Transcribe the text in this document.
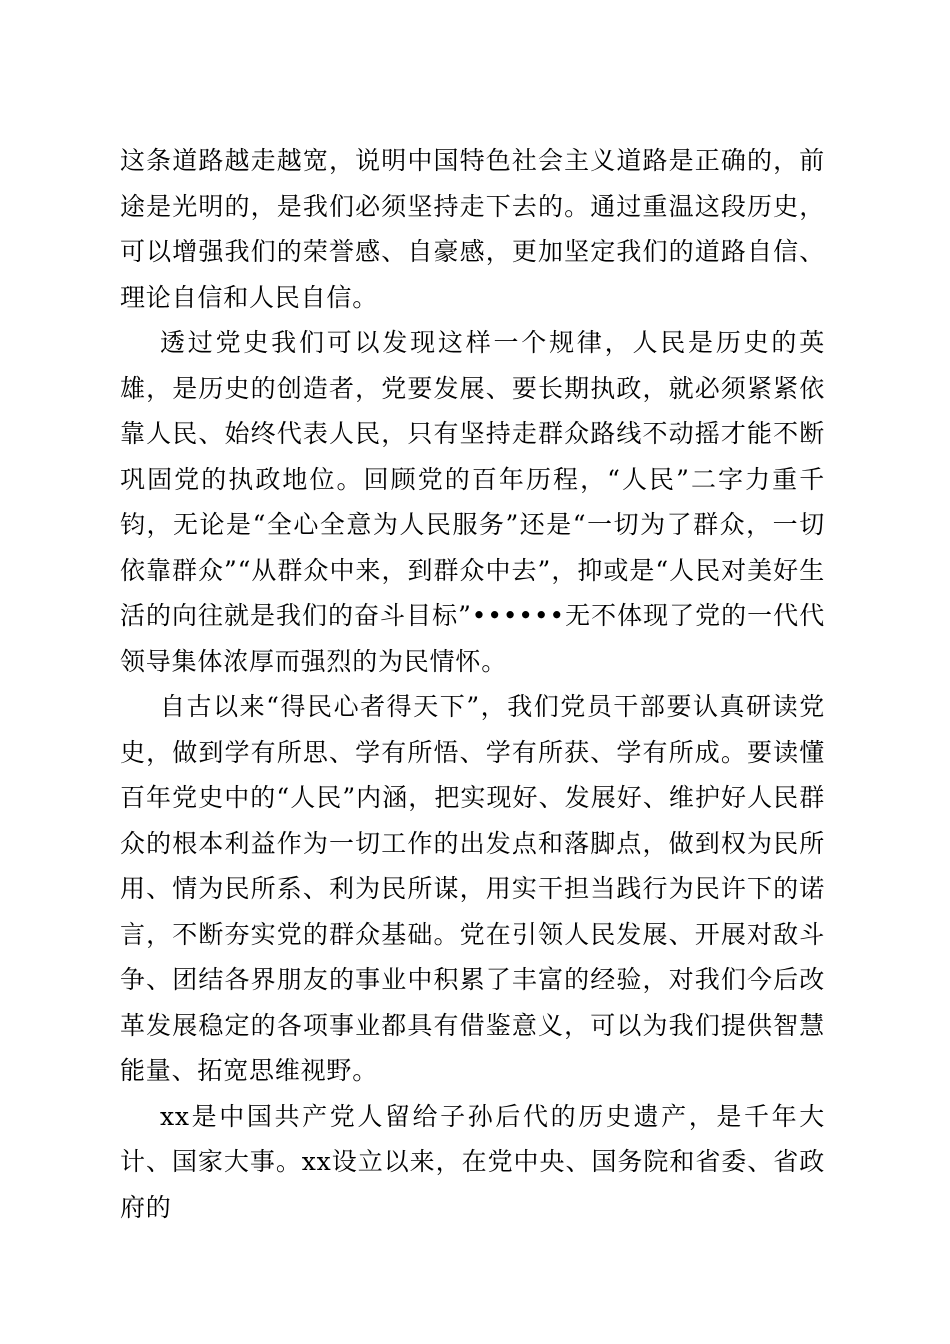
这条道路越走越宽，说明中国特色社会主义道路是正确的，前途是光明的，是我们必须坚持走下去的。通过重温这段历史，可以增强我们的荣誉感、自豪感，更加坚定我们的道路自信、理论自信和人民自信。

透过党史我们可以发现这样一个规律，人民是历史的英雄，是历史的创造者，党要发展、要长期执政，就必须紧紧依靠人民、始终代表人民，只有坚持走群众路线不动摇才能不断巩固党的执政地位。回顾党的百年历程，“人民”二字力重千钧，无论是“全心全意为人民服务”还是“一切为了群众，一切依靠群众”“从群众中来，到群众中去”，抑或是“人民对美好生活的向往就是我们的奋斗目标”••••••无不体现了党的一代代领导集体浓厚而强烈的为民情怀。

自古以来“得民心者得天下”，我们党员干部要认真研读党史，做到学有所思、学有所悟、学有所获、学有所成。要读懂百年党史中的“人民”内涵，把实现好、发展好、维护好人民群众的根本利益作为一切工作的出发点和落脚点，做到权为民所用、情为民所系、利为民所谋，用实干担当践行为民许下的诺言，不断夯实党的群众基础。党在引领人民发展、开展对敌斗争、团结各界朋友的事业中积累了丰富的经验，对我们今后改革发展稳定的各项事业都具有借鉴意义，可以为我们提供智慧能量、拓宽思维视野。

xx是中国共产党人留给子孙后代的历史遗产，是千年大计、国家大事。xx设立以来，在党中央、国务院和省委、省政府的
